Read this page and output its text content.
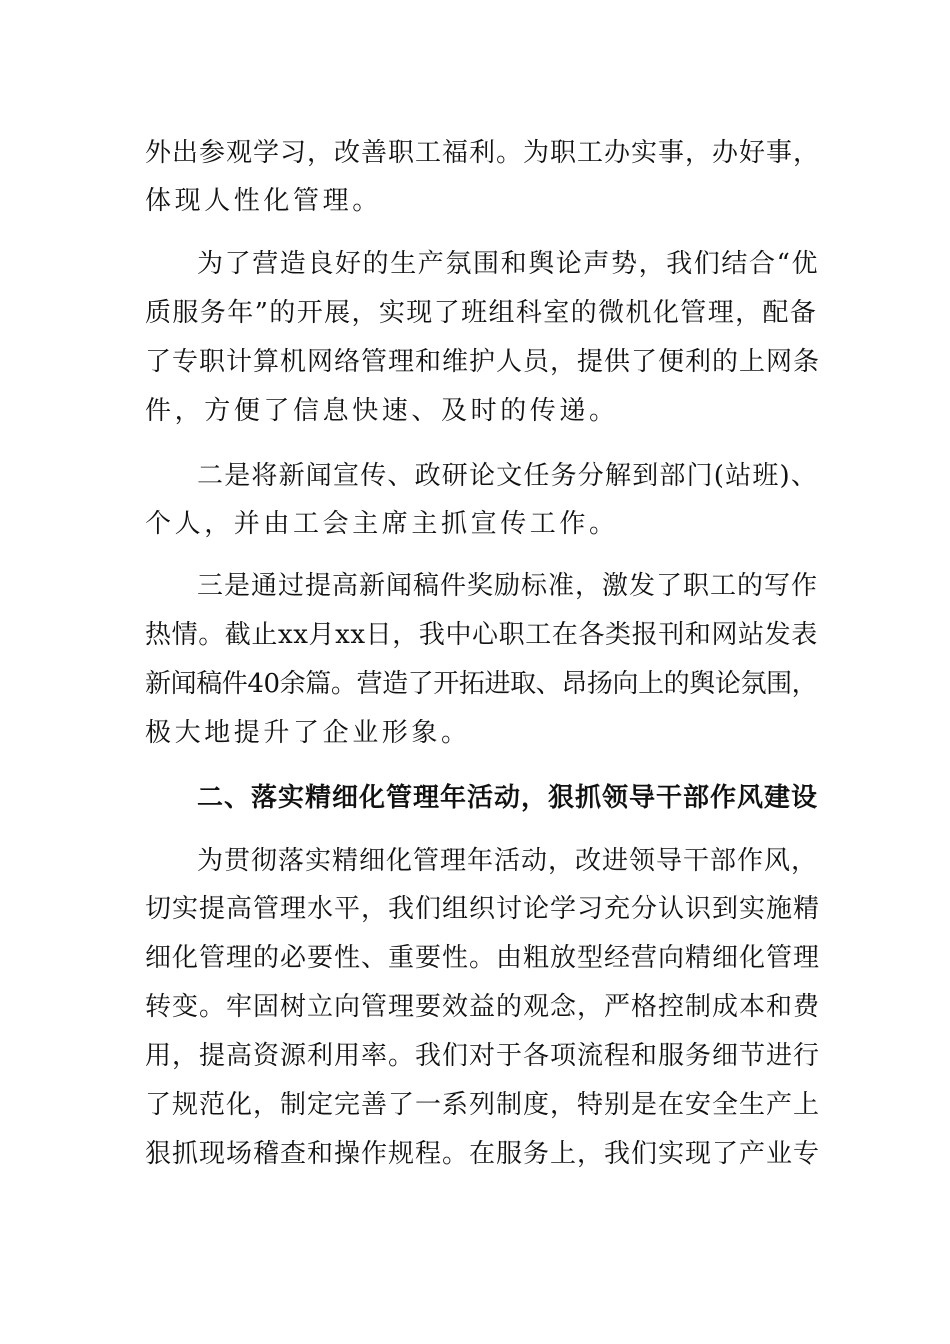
外出参观学习，改善职工福利。为职工办实事，办好事，
体现人性化管理。
为了营造良好的生产氛围和舆论声势，我们结合“优
质服务年”的开展，实现了班组科室的微机化管理，配备
了专职计算机网络管理和维护人员，提供了便利的上网条
件，方便了信息快速、及时的传递。
二是将新闻宣传、政研论文任务分解到部门(站班)、
个人，并由工会主席主抓宣传工作。
三是通过提高新闻稿件奖励标准，激发了职工的写作
热情。截止xx月xx日，我中心职工在各类报刊和网站发表
新闻稿件40余篇。营造了开拓进取、昂扬向上的舆论氛围，
极大地提升了企业形象。
二、落实精细化管理年活动，狠抓领导干部作风建设
为贯彻落实精细化管理年活动，改进领导干部作风，
切实提高管理水平，我们组织讨论学习充分认识到实施精
细化管理的必要性、重要性。由粗放型经营向精细化管理
转变。牢固树立向管理要效益的观念，严格控制成本和费
用，提高资源利用率。我们对于各项流程和服务细节进行
了规范化，制定完善了一系列制度，特别是在安全生产上
狠抓现场稽查和操作规程。在服务上，我们实现了产业专
